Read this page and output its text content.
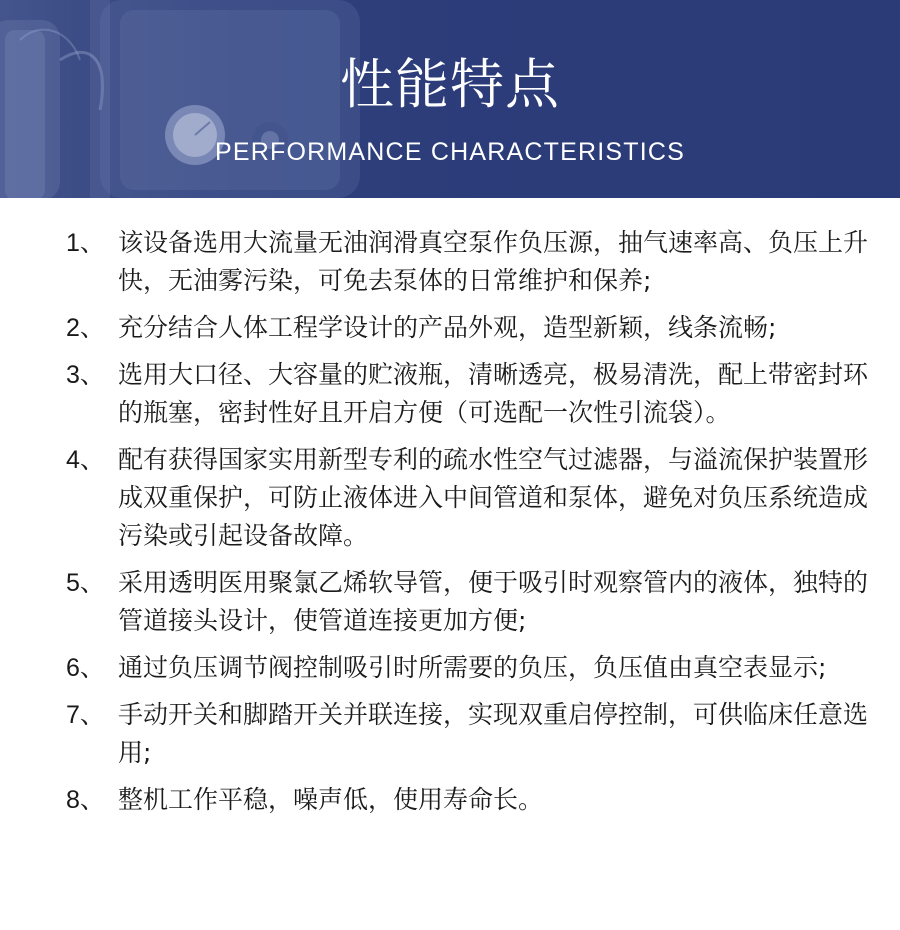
性能特点
PERFORMANCE CHARACTERISTICS
1、 该设备选用大流量无油润滑真空泵作负压源，抽气速率高、负压上升快，无油雾污染，可免去泵体的日常维护和保养;
2、 充分结合人体工程学设计的产品外观，造型新颖，线条流畅;
3、 选用大口径、大容量的贮液瓶，清晰透亮，极易清洗，配上带密封环的瓶塞，密封性好且开启方便（可选配一次性引流袋）。
4、 配有获得国家实用新型专利的疏水性空气过滤器，与溢流保护装置形成双重保护，可防止液体进入中间管道和泵体，避免对负压系统造成污染或引起设备故障。
5、 采用透明医用聚氯乙烯软导管，便于吸引时观察管内的液体，独特的管道接头设计，使管道连接更加方便;
6、 通过负压调节阀控制吸引时所需要的负压，负压值由真空表显示;
7、 手动开关和脚踏开关并联连接，实现双重启停控制，可供临床任意选用;
8、 整机工作平稳，噪声低，使用寿命长。
